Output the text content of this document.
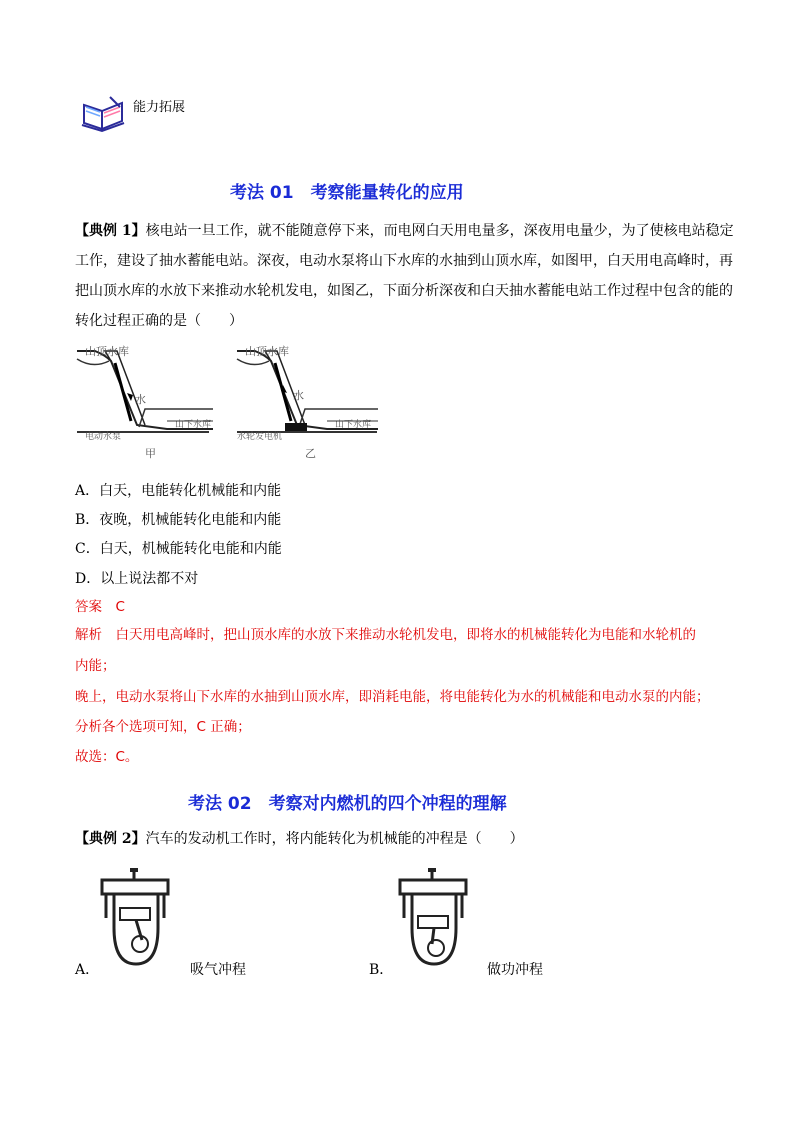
能力拓展
考法 01　考察能量转化的应用
【典例 1】核电站一旦工作，就不能随意停下来，而电网白天用电量多，深夜用电量少，为了使核电站稳定工作，建设了抽水蓄能电站。深夜，电动水泵将山下水库的水抽到山顶水库，如图甲，白天用电高峰时，再把山顶水库的水放下来推动水轮机发电，如图乙，下面分析深夜和白天抽水蓄能电站工作过程中包含的能的转化过程正确的是（　　）
山顶水库
水
电动水泵
山下水库
甲
山顶水库
水
水轮发电机
山下水库
乙
A．白天，电能转化机械能和内能
B．夜晚，机械能转化电能和内能
C．白天，机械能转化电能和内能
D．以上说法都不对
答案　C
解析　白天用电高峰时，把山顶水库的水放下来推动水轮机发电，即将水的机械能转化为电能和水轮机的
内能；
晚上，电动水泵将山下水库的水抽到山顶水库，即消耗电能，将电能转化为水的机械能和电动水泵的内能；
分析各个选项可知，C 正确；
故选：C。
考法 02　考察对内燃机的四个冲程的理解
【典例 2】汽车的发动机工作时，将内能转化为机械能的冲程是（　　）
A．	吸气冲程	B．	做功冲程
